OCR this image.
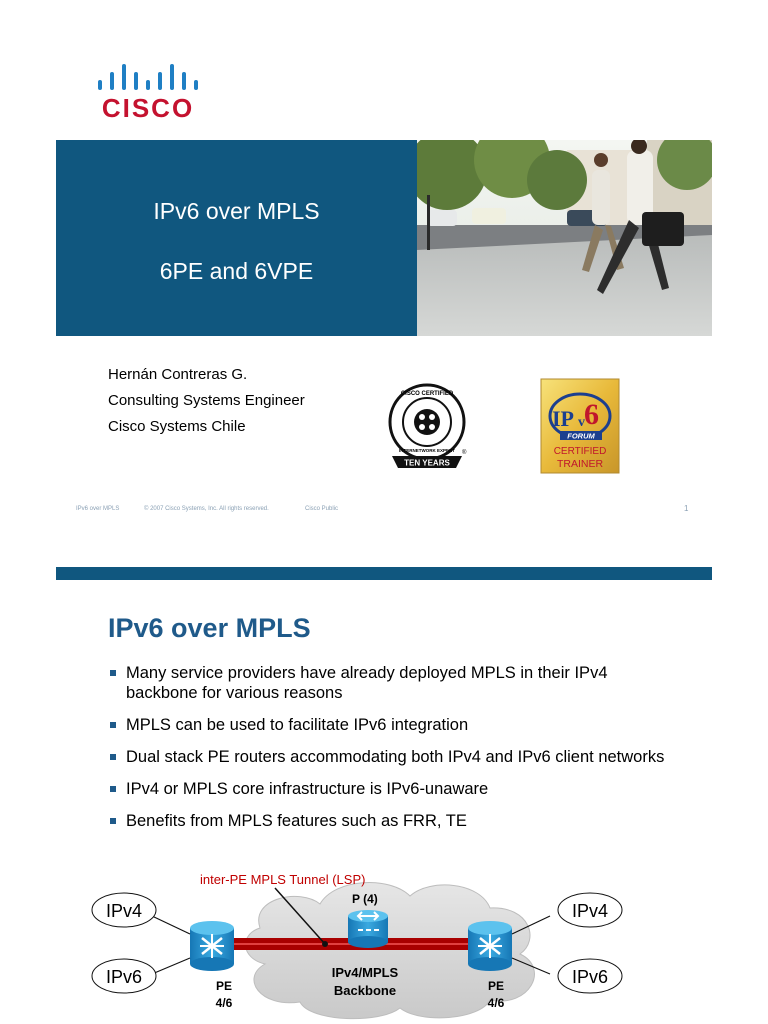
CISCO
IPv6 over MPLS
6PE and 6VPE
Hernán Contreras G.
Consulting Systems Engineer
Cisco Systems Chile
CISCO CERTIFIED
INTERNETWORK EXPERT
TEN YEARS
®
IP v 6
FORUM
CERTIFIED
TRAINER
IPv6 over MPLS	© 2007 Cisco Systems, Inc. All rights reserved.	Cisco Public	1
IPv6 over MPLS
Many service providers have already deployed MPLS in their IPv4 backbone for various reasons
MPLS can be used to facilitate IPv6 integration
Dual stack PE routers accommodating both IPv4 and IPv6 client networks
IPv4 or MPLS core infrastructure is IPv6-unaware
Benefits from MPLS features such as FRR, TE
inter-PE MPLS Tunnel (LSP)
P (4)
IPv4/MPLS
Backbone
IPv4
IPv6
IPv4
IPv6
PE
4/6
PE
4/6
